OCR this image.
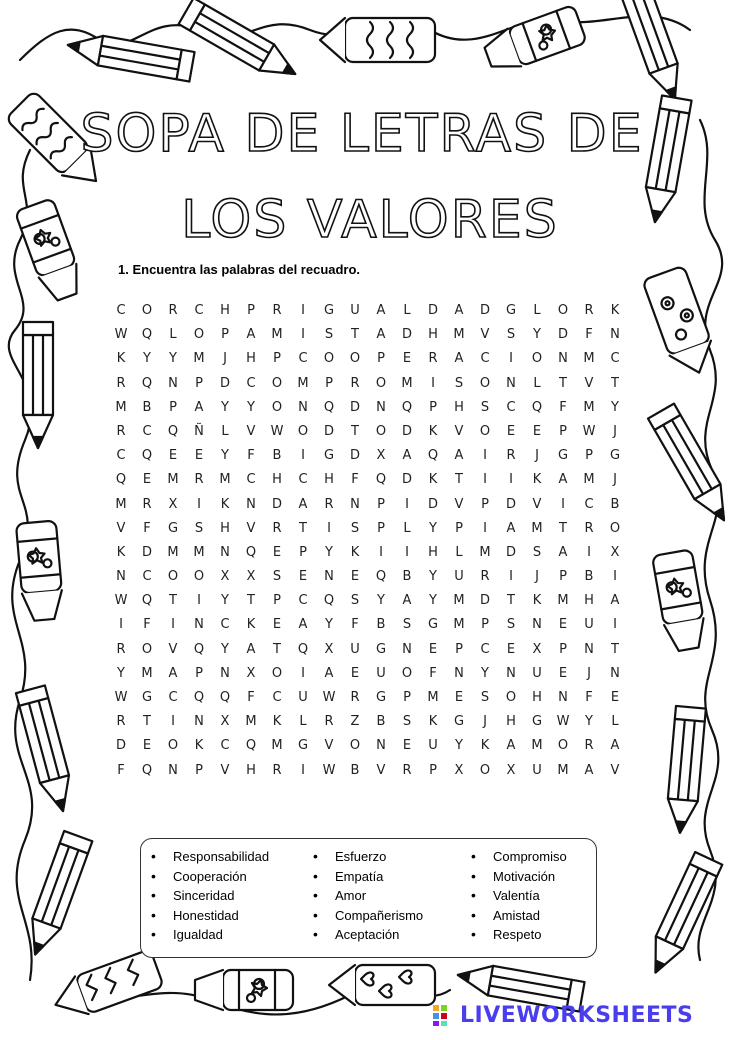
SOPA DE LETRAS DE
LOS VALORES
1. Encuentra las palabras del recuadro.
C	O	R	C	H	P	R	I	G	U	A	L	D	A	D	G	L	O	R	K
W	Q	L	O	P	A	M	I	S	T	A	D	H	M	V	S	Y	D	F	N
K	Y	Y	M	J	H	P	C	O	O	P	E	R	A	C	I	O	N	M	C
R	Q	N	P	D	C	O	M	P	R	O	M	I	S	O	N	L	T	V	T
M	B	P	A	Y	Y	O	N	Q	D	N	Q	P	H	S	C	Q	F	M	Y
R	C	Q	Ñ	L	V	W	O	D	T	O	D	K	V	O	E	E	P	W	J
C	Q	E	E	Y	F	B	I	G	D	X	A	Q	A	I	R	J	G	P	G
Q	E	M	R	M	C	H	C	H	F	Q	D	K	T	I	I	K	A	M	J
M	R	X	I	K	N	D	A	R	N	P	I	D	V	P	D	V	I	C	B
V	F	G	S	H	V	R	T	I	S	P	L	Y	P	I	A	M	T	R	O
K	D	M	M	N	Q	E	P	Y	K	I	I	H	L	M	D	S	A	I	X
N	C	O	O	X	X	S	E	N	E	Q	B	Y	U	R	I	J	P	B	I
W	Q	T	I	Y	T	P	C	Q	S	Y	A	Y	M	D	T	K	M	H	A
I	F	I	N	C	K	E	A	Y	F	B	S	G	M	P	S	N	E	U	I
R	O	V	Q	Y	A	T	Q	X	U	G	N	E	P	C	E	X	P	N	T
Y	M	A	P	N	X	O	I	A	E	U	O	F	N	Y	N	U	E	J	N
W	G	C	Q	Q	F	C	U	W	R	G	P	M	E	S	O	H	N	F	E
R	T	I	N	X	M	K	L	R	Z	B	S	K	G	J	H	G	W	Y	L
D	E	O	K	C	Q	M	G	V	O	N	E	U	Y	K	A	M	O	R	A
F	Q	N	P	V	H	R	I	W	B	V	R	P	X	O	X	U	M	A	V
• Responsabilidad
• Cooperación
• Sinceridad
• Honestidad
• Igualdad
• Esfuerzo
• Empatía
• Amor
• Compañerismo
• Aceptación
• Compromiso
• Motivación
• Valentía
• Amistad
• Respeto
LIVEWORKSHEETS
